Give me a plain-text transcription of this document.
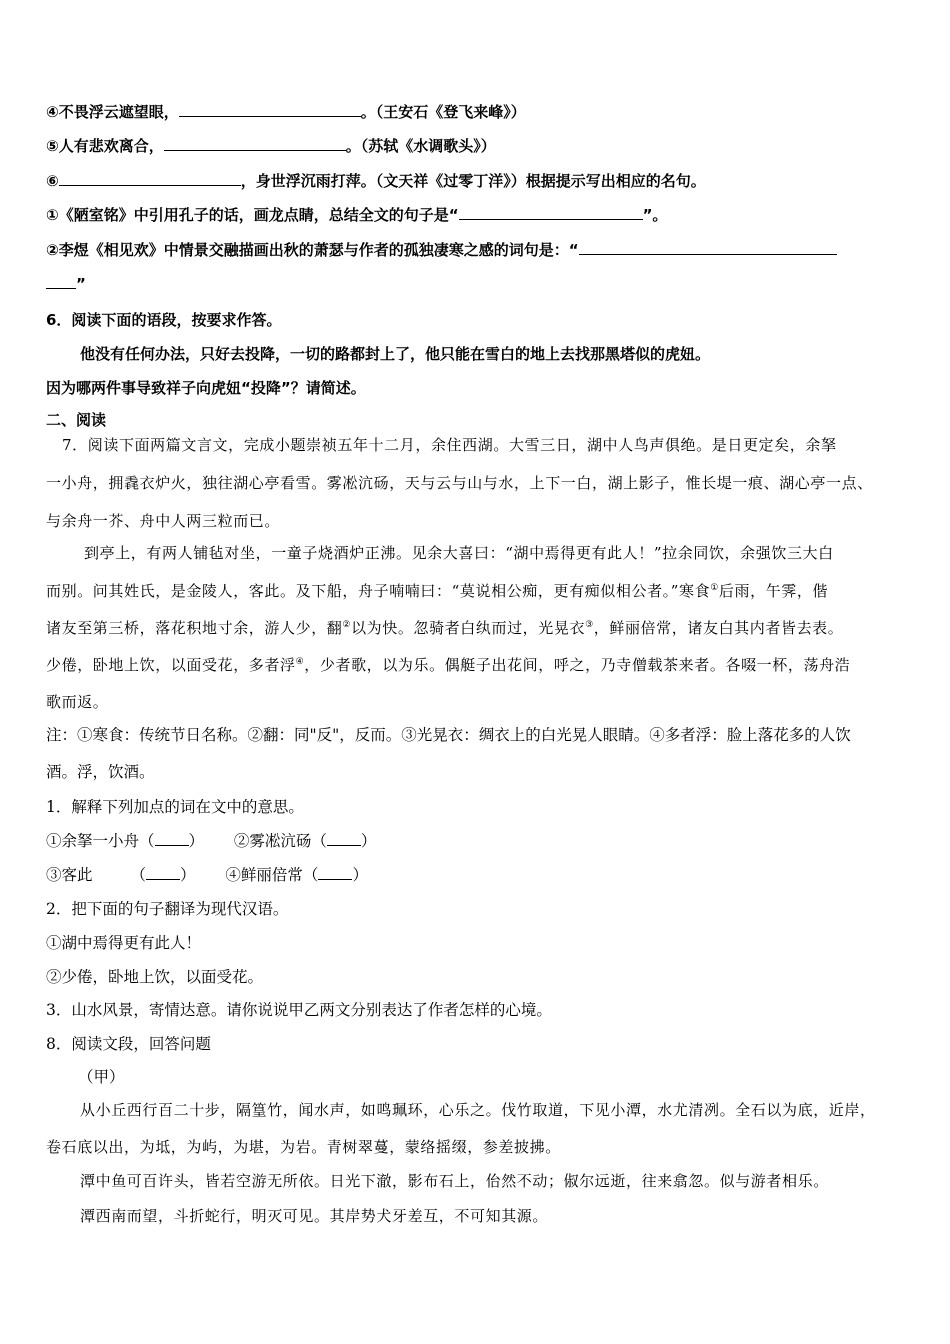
④不畏浮云遮望眼，	。（王安石《登飞来峰》）
⑤人有悲欢离合，	。（苏轼《水调歌头》）
⑥	，身世浮沉雨打萍。（文天祥《过零丁洋》）根据提示写出相应的名句。
①《陋室铭》中引用孔子的话，画龙点睛，总结全文的句子是“	”。
②李煜《相见欢》中情景交融描画出秋的萧瑟与作者的孤独凄寒之感的词句是：“
”
6．阅读下面的语段，按要求作答。
他没有任何办法，只好去投降，一切的路都封上了，他只能在雪白的地上去找那黑塔似的虎妞。
因为哪两件事导致祥子向虎妞“投降”？请简述。
二、阅读
7．阅读下面两篇文言文，完成小题崇祯五年十二月，余住西湖。大雪三日，湖中人鸟声俱绝。是日更定矣，余拏
一小舟，拥毳衣炉火，独往湖心亭看雪。雾凇沆砀，天与云与山与水，上下一白，湖上影子，惟长堤一痕、湖心亭一点、
与余舟一芥、舟中人两三粒而已。
到亭上，有两人铺毡对坐，一童子烧酒炉正沸。见余大喜曰：“湖中焉得更有此人！”拉余同饮，余强饮三大白
而别。问其姓氏，是金陵人，客此。及下船，舟子喃喃曰：“莫说相公痴，更有痴似相公者。”寒食①后雨，午霁，偕
诸友至第三桥，落花积地寸余，游人少，翻②以为快。忽骑者白纨而过，光晃衣③，鲜丽倍常，诸友白其内者皆去表。
少倦，卧地上饮，以面受花，多者浮④，少者歌，以为乐。偶艇子出花间，呼之，乃寺僧载茶来者。各啜一杯，荡舟浩
歌而返。
注：①寒食：传统节日名称。②翻：同"反"，反而。③光晃衣：绸衣上的白光晃人眼睛。④多者浮：脸上落花多的人饮
酒。浮，饮酒。
1．解释下列加点的词在文中的意思。
①余拏一小舟（ ） ②雾凇沆砀（ ）
③客此 （ ） ④鲜丽倍常（ ）
2．把下面的句子翻译为现代汉语。
①湖中焉得更有此人！
②少倦，卧地上饮，以面受花。
3．山水风景，寄情达意。请你说说甲乙两文分别表达了作者怎样的心境。
8．阅读文段，回答问题
（甲）
从小丘西行百二十步，隔篁竹，闻水声，如鸣珮环，心乐之。伐竹取道，下见小潭，水尤清冽。全石以为底，近岸，
卷石底以出，为坻，为屿，为堪，为岩。青树翠蔓，蒙络摇缀，参差披拂。
潭中鱼可百许头，皆若空游无所依。日光下澈，影布石上，佁然不动；俶尔远逝，往来翕忽。似与游者相乐。
潭西南而望，斗折蛇行，明灭可见。其岸势犬牙差互，不可知其源。
